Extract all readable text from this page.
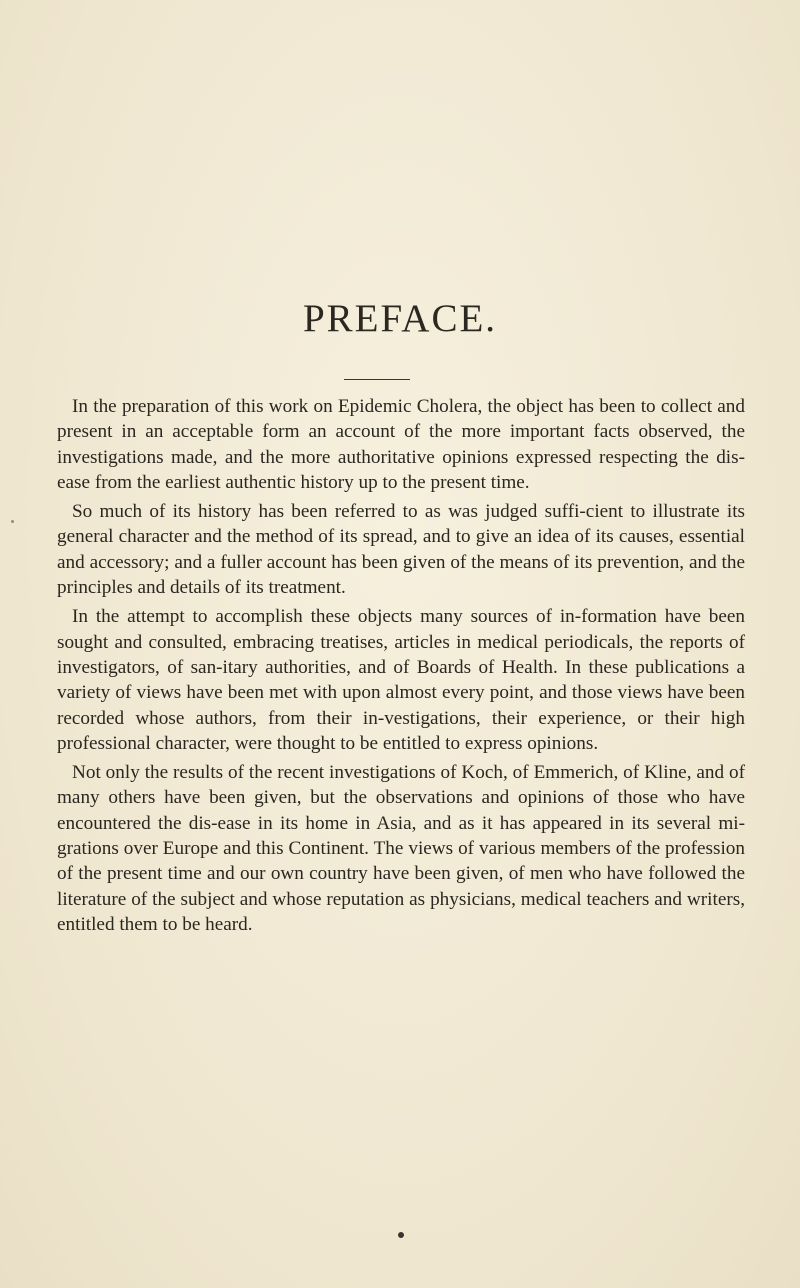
PREFACE.

In the preparation of this work on Epidemic Cholera, the object has been to collect and present in an acceptable form an account of the more important facts observed, the investigations made, and the more authoritative opinions expressed respecting the dis-ease from the earliest authentic history up to the present time.

So much of its history has been referred to as was judged suffi-cient to illustrate its general character and the method of its spread, and to give an idea of its causes, essential and accessory; and a fuller account has been given of the means of its prevention, and the principles and details of its treatment.

In the attempt to accomplish these objects many sources of in-formation have been sought and consulted, embracing treatises, articles in medical periodicals, the reports of investigators, of san-itary authorities, and of Boards of Health. In these publications a variety of views have been met with upon almost every point, and those views have been recorded whose authors, from their in-vestigations, their experience, or their high professional character, were thought to be entitled to express opinions.

Not only the results of the recent investigations of Koch, of Emmerich, of Kline, and of many others have been given, but the observations and opinions of those who have encountered the dis-ease in its home in Asia, and as it has appeared in its several mi-grations over Europe and this Continent. The views of various members of the profession of the present time and our own country have been given, of men who have followed the literature of the subject and whose reputation as physicians, medical teachers and writers, entitled them to be heard.
